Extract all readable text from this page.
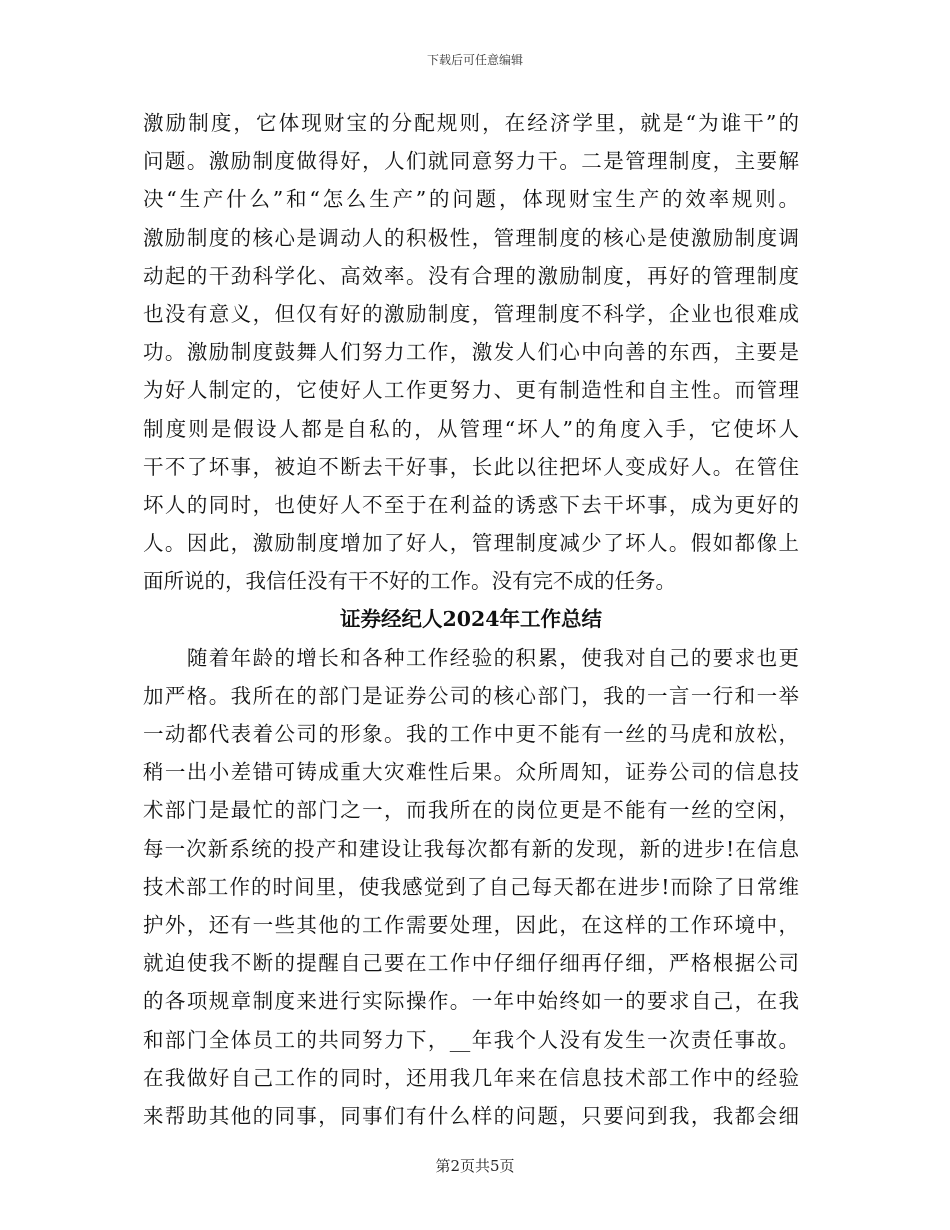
下载后可任意编辑
激励制度，它体现财宝的分配规则，在经济学里，就是“为谁干”的
问题。激励制度做得好，人们就同意努力干。二是管理制度，主要解
决“生产什么”和“怎么生产”的问题，体现财宝生产的效率规则。
激励制度的核心是调动人的积极性，管理制度的核心是使激励制度调
动起的干劲科学化、高效率。没有合理的激励制度，再好的管理制度
也没有意义，但仅有好的激励制度，管理制度不科学，企业也很难成
功。激励制度鼓舞人们努力工作，激发人们心中向善的东西，主要是
为好人制定的，它使好人工作更努力、更有制造性和自主性。而管理
制度则是假设人都是自私的，从管理“坏人”的角度入手，它使坏人
干不了坏事，被迫不断去干好事，长此以往把坏人变成好人。在管住
坏人的同时，也使好人不至于在利益的诱惑下去干坏事，成为更好的
人。因此，激励制度增加了好人，管理制度减少了坏人。假如都像上
面所说的，我信任没有干不好的工作。没有完不成的任务。
证券经纪人2024年工作总结
　　随着年龄的增长和各种工作经验的积累，使我对自己的要求也更
加严格。我所在的部门是证券公司的核心部门，我的一言一行和一举
一动都代表着公司的形象。我的工作中更不能有一丝的马虎和放松，
稍一出小差错可铸成重大灾难性后果。众所周知，证券公司的信息技
术部门是最忙的部门之一，而我所在的岗位更是不能有一丝的空闲，
每一次新系统的投产和建设让我每次都有新的发现，新的进步!在信息
技术部工作的时间里，使我感觉到了自己每天都在进步!而除了日常维
护外，还有一些其他的工作需要处理，因此，在这样的工作环境中，
就迫使我不断的提醒自己要在工作中仔细仔细再仔细，严格根据公司
的各项规章制度来进行实际操作。一年中始终如一的要求自己，在我
和部门全体员工的共同努力下，__年我个人没有发生一次责任事故。
在我做好自己工作的同时，还用我几年来在信息技术部工作中的经验
来帮助其他的同事，同事们有什么样的问题，只要问到我，我都会细
第2页共5页
